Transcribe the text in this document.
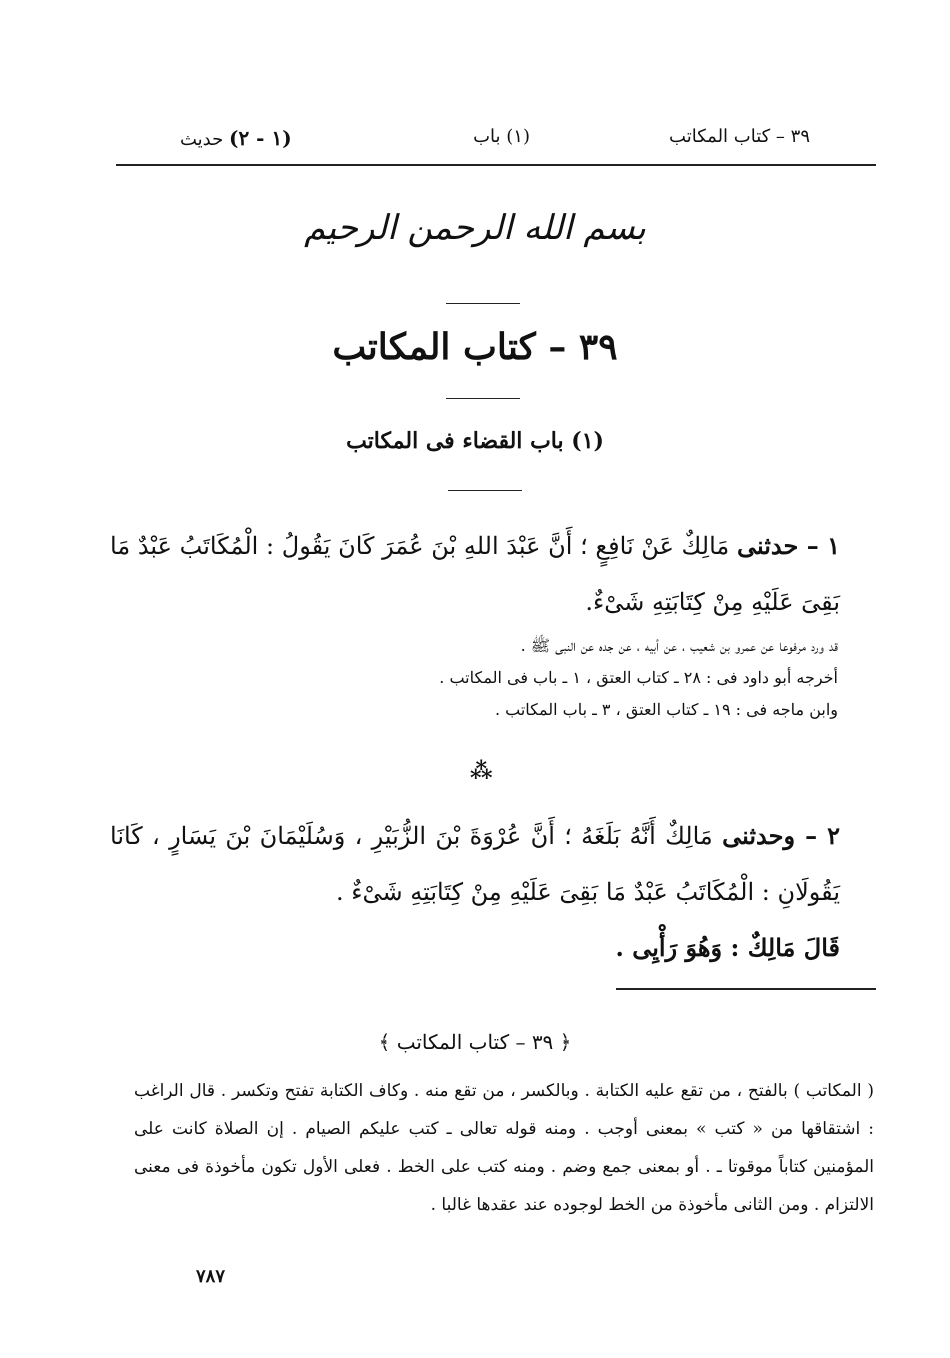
٣٩ – كتاب المكاتب
(١) باب
(١ - ٢) حديث
بسم الله الرحمن الرحيم
٣٩ – كتاب المكاتب
(١) باب القضاء فى المكاتب
١ – حدثنى مَالِكٌ عَنْ نَافِعٍ ؛ أَنَّ عَبْدَ اللهِ بْنَ عُمَرَ كَانَ يَقُولُ : الْمُكَاتَبُ عَبْدٌ مَا بَقِىَ عَلَيْهِ مِنْ كِتَابَتِهِ شَىْءٌ.
قد ورد مرفوعا عن عمرو بن شعيب ، عن أبيه ، عن جده عن النبى ﷺ .
أخرجه أبو داود فى : ٢٨ ـ كتاب العتق ، ١ ـ باب فى المكاتب .
وابن ماجه فى : ١٩ ـ كتاب العتق ، ٣ ـ باب المكاتب .
⁂
٢ – وحدثنى مَالِكٌ أَنَّهُ بَلَغَهُ ؛ أَنَّ عُرْوَةَ بْنَ الزُّبَيْرِ ، وَسُلَيْمَانَ بْنَ يَسَارٍ ، كَانَا يَقُولَانِ : الْمُكَاتَبُ عَبْدٌ مَا بَقِىَ عَلَيْهِ مِنْ كِتَابَتِهِ شَىْءٌ .
قَالَ مَالِكٌ : وَهُوَ رَأْيِى .
﴿ ٣٩ – كتاب المكاتب ﴾
( المكاتب ) بالفتح ، من تقع عليه الكتابة . وبالكسر ، من تقع منه . وكاف الكتابة تفتح وتكسر . قال الراغب : اشتقاقها من « كتب » بمعنى أوجب . ومنه قوله تعالى ـ كتب عليكم الصيام . إن الصلاة كانت على المؤمنين كتاباً موقوتا ـ . أو بمعنى جمع وضم . ومنه كتب على الخط . فعلى الأول تكون مأخوذة فى معنى الالتزام . ومن الثانى مأخوذة من الخط لوجوده عند عقدها غالبا .
٧٨٧
